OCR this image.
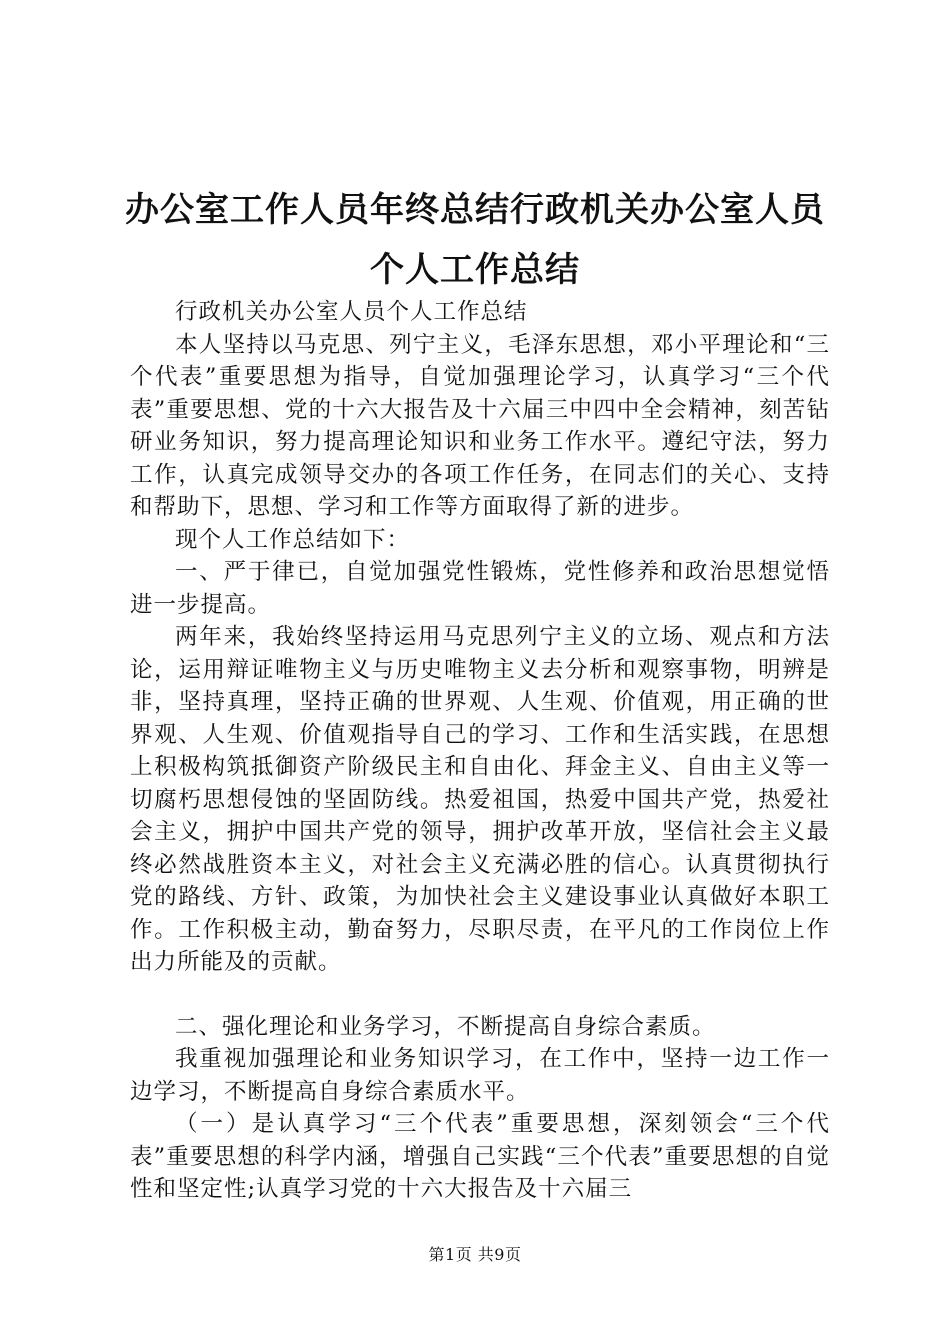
办公室工作人员年终总结行政机关办公室人员
个人工作总结

行政机关办公室人员个人工作总结

本人坚持以马克思、列宁主义，毛泽东思想，邓小平理论和“三个代表”重要思想为指导，自觉加强理论学习，认真学习“三个代表”重要思想、党的十六大报告及十六届三中四中全会精神，刻苦钻研业务知识，努力提高理论知识和业务工作水平。遵纪守法，努力工作，认真完成领导交办的各项工作任务，在同志们的关心、支持和帮助下，思想、学习和工作等方面取得了新的进步。

现个人工作总结如下：

一、严于律已，自觉加强党性锻炼，党性修养和政治思想觉悟进一步提高。

两年来，我始终坚持运用马克思列宁主义的立场、观点和方法论，运用辩证唯物主义与历史唯物主义去分析和观察事物，明辨是非，坚持真理，坚持正确的世界观、人生观、价值观，用正确的世界观、人生观、价值观指导自己的学习、工作和生活实践，在思想上积极构筑抵御资产阶级民主和自由化、拜金主义、自由主义等一切腐朽思想侵蚀的坚固防线。热爱祖国，热爱中国共产党，热爱社会主义，拥护中国共产党的领导，拥护改革开放，坚信社会主义最终必然战胜资本主义，对社会主义充满必胜的信心。认真贯彻执行党的路线、方针、政策，为加快社会主义建设事业认真做好本职工作。工作积极主动，勤奋努力，尽职尽责，在平凡的工作岗位上作出力所能及的贡献。

二、强化理论和业务学习，不断提高自身综合素质。

我重视加强理论和业务知识学习，在工作中，坚持一边工作一边学习，不断提高自身综合素质水平。

（一）是认真学习“三个代表”重要思想，深刻领会“三个代表”重要思想的科学内涵，增强自己实践“三个代表”重要思想的自觉性和坚定性;认真学习党的十六大报告及十六届三

第1页 共9页
